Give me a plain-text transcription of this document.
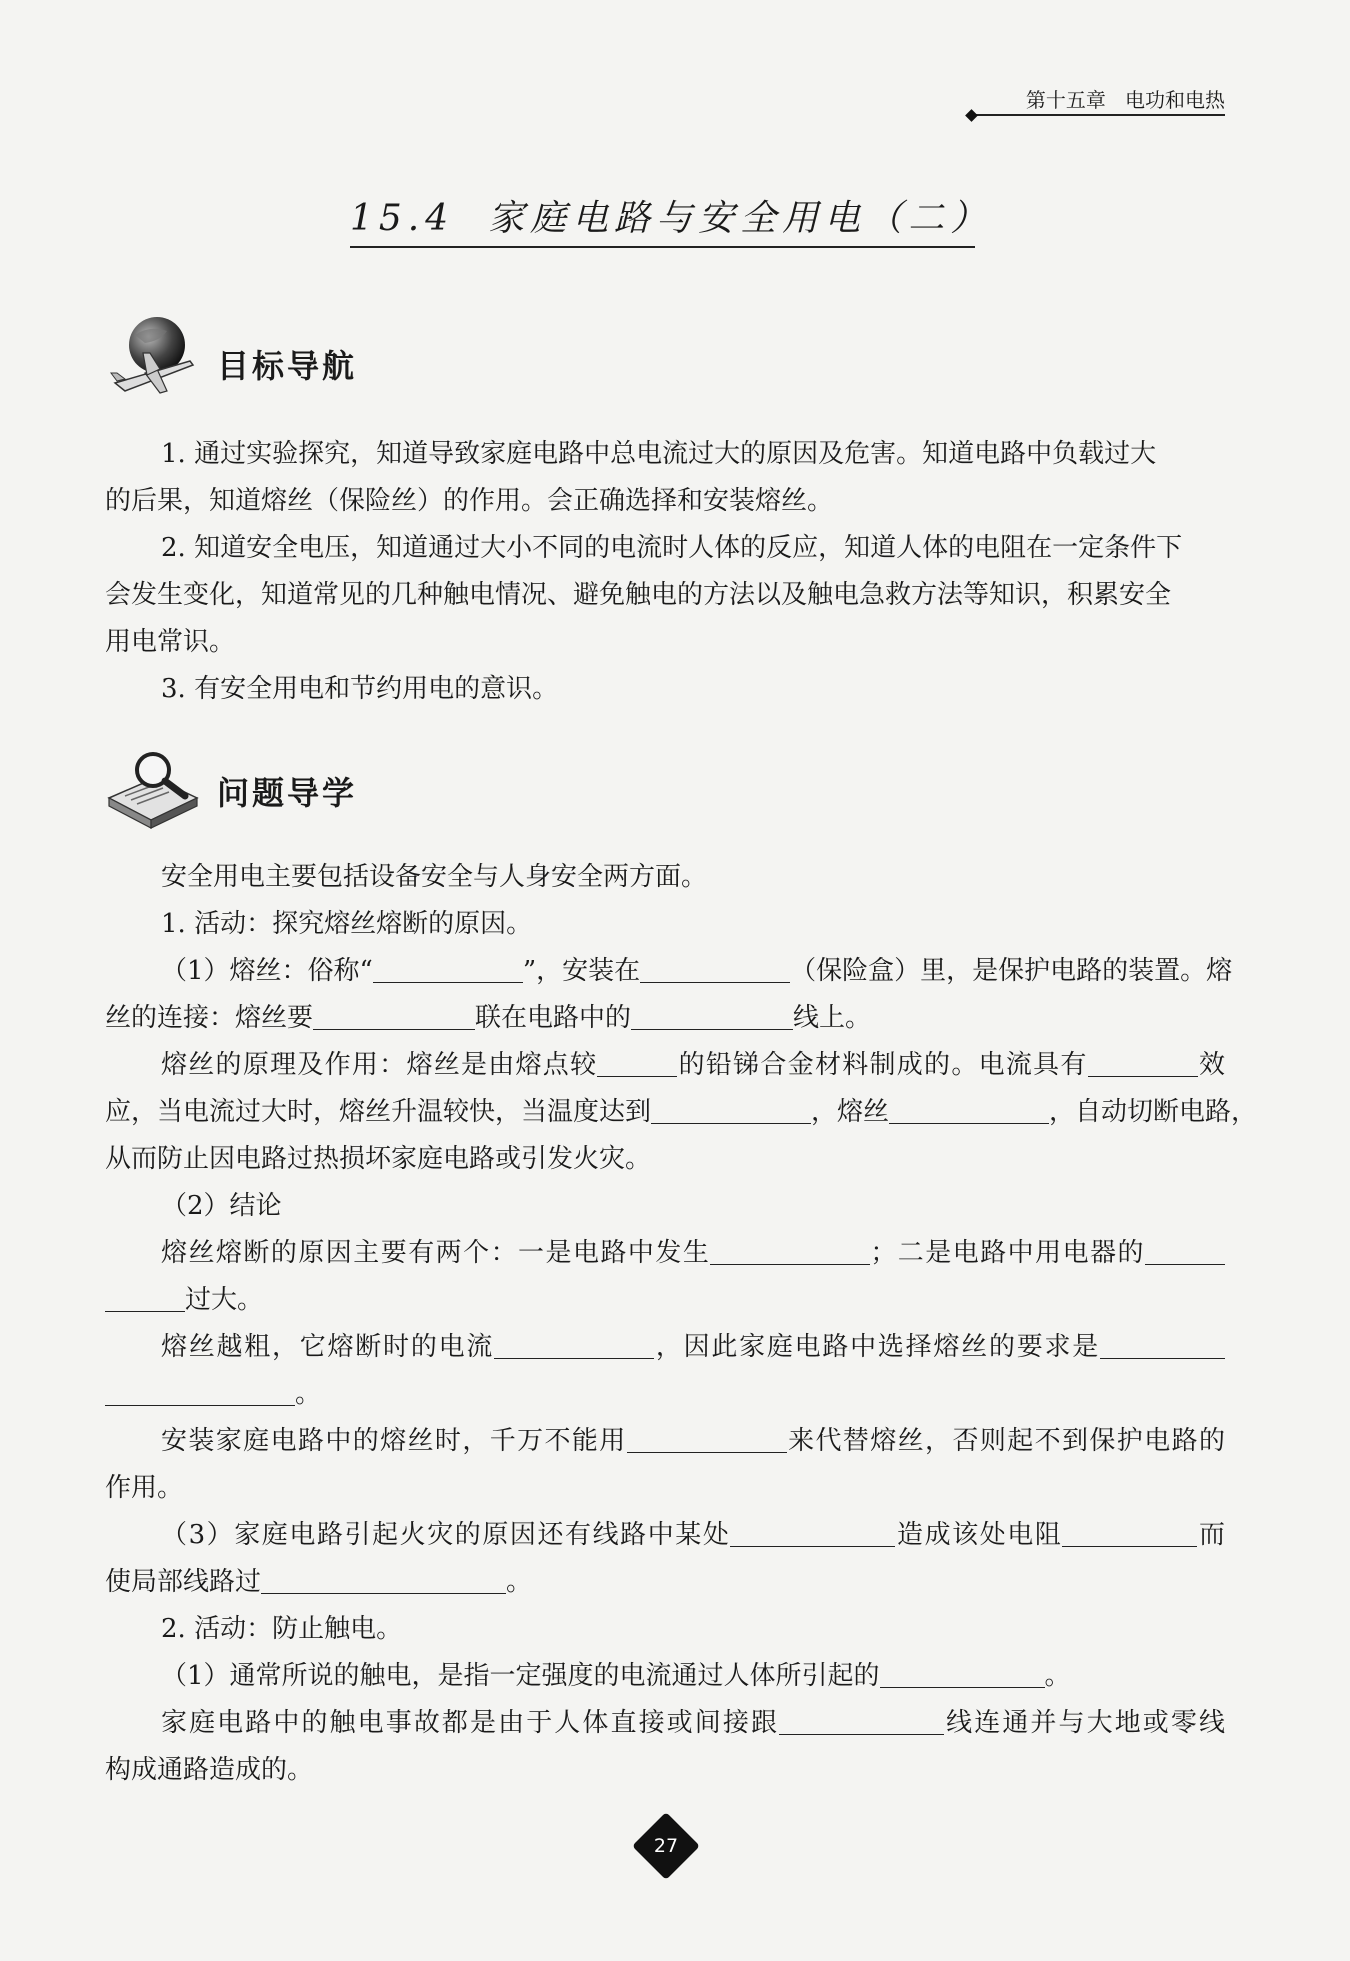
第十五章 电功和电热
15.4 家庭电路与安全用电（二）
目标导航
1. 通过实验探究，知道导致家庭电路中总电流过大的原因及危害。知道电路中负载过大
的后果，知道熔丝（保险丝）的作用。会正确选择和安装熔丝。
2. 知道安全电压，知道通过大小不同的电流时人体的反应，知道人体的电阻在一定条件下
会发生变化，知道常见的几种触电情况、避免触电的方法以及触电急救方法等知识，积累安全
用电常识。
3. 有安全用电和节约用电的意识。
问题导学
安全用电主要包括设备安全与人身安全两方面。
1. 活动：探究熔丝熔断的原因。
（1）熔丝：俗称“	”，安装在	（保险盒）里，是保护电路的装置。熔
丝的连接：熔丝要	联在电路中的	线上。
熔丝的原理及作用：熔丝是由熔点较	的铅锑合金材料制成的。电流具有	效
应，当电流过大时，熔丝升温较快，当温度达到	，熔丝	，自动切断电路，
从而防止因电路过热损坏家庭电路或引发火灾。
（2）结论
熔丝熔断的原因主要有两个：一是电路中发生	；二是电路中用电器的
过大。
熔丝越粗，它熔断时的电流	，因此家庭电路中选择熔丝的要求是
。
安装家庭电路中的熔丝时，千万不能用	来代替熔丝，否则起不到保护电路的
作用。
（3）家庭电路引起火灾的原因还有线路中某处	造成该处电阻	而
使局部线路过	。
2. 活动：防止触电。
（1）通常所说的触电，是指一定强度的电流通过人体所引起的	。
家庭电路中的触电事故都是由于人体直接或间接跟	线连通并与大地或零线
构成通路造成的。
27
